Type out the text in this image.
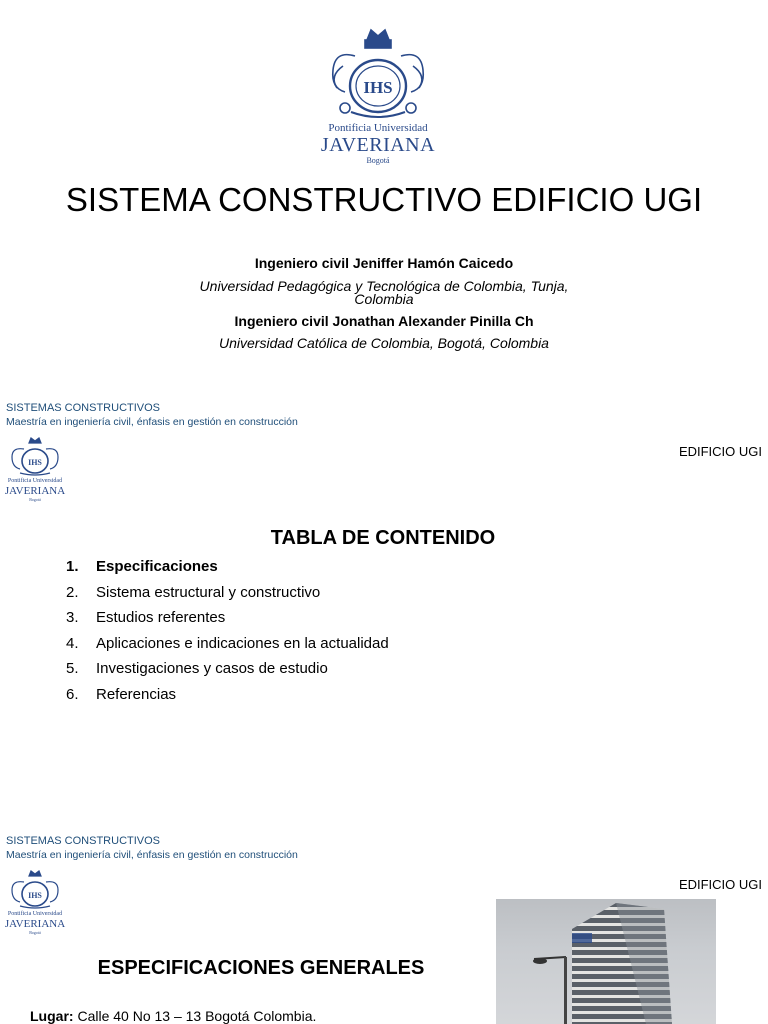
IHS
Pontificia Universidad
JAVERIANA
Bogotá
SISTEMA CONSTRUCTIVO EDIFICIO UGI
Ingeniero civil Jeniffer Hamón Caicedo
Universidad Pedagógica y Tecnológica de Colombia, Tunja,
Colombia
Ingeniero civil Jonathan Alexander Pinilla Ch
Universidad Católica de Colombia, Bogotá, Colombia
SISTEMAS CONSTRUCTIVOS
Maestría en ingeniería civil, énfasis en gestión en construcción
IHS
Pontificia Universidad
JAVERIANA
Bogotá
EDIFICIO UGI
TABLA DE CONTENIDO
1.	Especificaciones
2.	Sistema estructural y constructivo
3.	Estudios referentes
4.	Aplicaciones e indicaciones en la actualidad
5.	Investigaciones y casos de estudio
6.	Referencias
SISTEMAS CONSTRUCTIVOS
Maestría en ingeniería civil, énfasis en gestión en construcción
IHS
Pontificia Universidad
JAVERIANA
Bogotá
EDIFICIO UGI
ESPECIFICACIONES GENERALES
Lugar: Calle 40 No 13 – 13 Bogotá Colombia.
